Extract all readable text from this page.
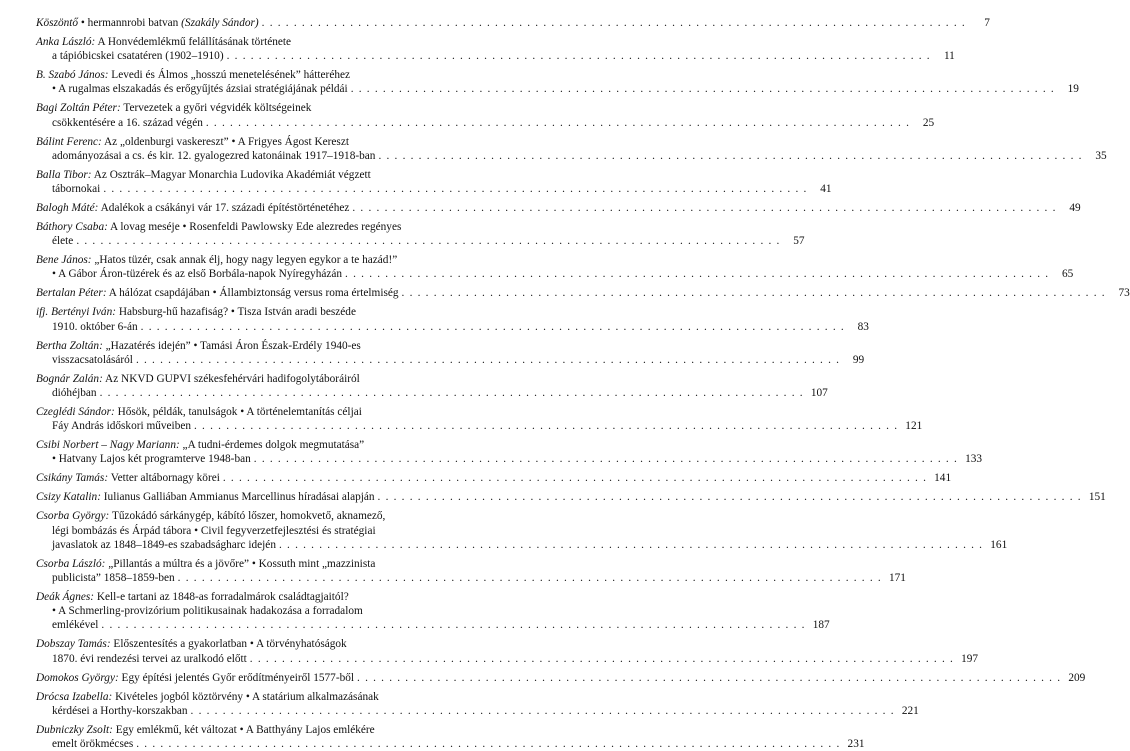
Köszöntő • hermannrobi batvan (Szakály Sándor) . . . . . . . . . . . . . . . . . . . . . . . . . . . . . . . . . . . . . . . . . . . . . . . . . . . . . . . . . . . . . . . . . . . . . . . . . . . . . . . . . . . . . . . .	7
Anka László: A Honvédemlékmű felállításának története
a tápióbicskei csatatéren (1902–1910) . . . . . . . . . . . . . . . . . . . . . . . . . . . . . . . . . . . . . . . . . . . . . . . . . . . . . . . . . . . . . . . . . . . . . . . . . . . . . . . . . . . . . . . .	11
B. Szabó János: Levedi és Álmos „hosszú menetelésének” hátteréhez
• A rugalmas elszakadás és erőgyűjtés ázsiai stratégiájának példái . . . . . . . . . . . . . . . . . . . . . . . . . . . . . . . . . . . . . . . . . . . . . . . . . . . . . . . . . . . . . . . . . . . . . . . . . . . . . . . . . . . . . . . .	19
Bagi Zoltán Péter: Tervezetek a győri végvidék költségeinek
csökkentésére a 16. század végén . . . . . . . . . . . . . . . . . . . . . . . . . . . . . . . . . . . . . . . . . . . . . . . . . . . . . . . . . . . . . . . . . . . . . . . . . . . . . . . . . . . . . . . .	25
Bálint Ferenc: Az „oldenburgi vaskereszt” • A Frigyes Ágost Kereszt
adományozásai a cs. és kir. 12. gyalogezred katonáinak 1917–1918-ban . . . . . . . . . . . . . . . . . . . . . . . . . . . . . . . . . . . . . . . . . . . . . . . . . . . . . . . . . . . . . . . . . . . . . . . . . . . . . . . . . . . . . . . .	35
Balla Tibor: Az Osztrák–Magyar Monarchia Ludovika Akadémiát végzett
tábornokai . . . . . . . . . . . . . . . . . . . . . . . . . . . . . . . . . . . . . . . . . . . . . . . . . . . . . . . . . . . . . . . . . . . . . . . . . . . . . . . . . . . . . . . .	41
Balogh Máté: Adalékok a csákányi vár 17. századi építéstörténetéhez . . . . . . . . . . . . . . . . . . . . . . . . . . . . . . . . . . . . . . . . . . . . . . . . . . . . . . . . . . . . . . . . . . . . . . . . . . . . . . . . . . . . . . . .	49
Báthory Csaba: A lovag meséje • Rosenfeldi Pawlowsky Ede alezredes regényes
élete . . . . . . . . . . . . . . . . . . . . . . . . . . . . . . . . . . . . . . . . . . . . . . . . . . . . . . . . . . . . . . . . . . . . . . . . . . . . . . . . . . . . . . . .	57
Bene János: „Hatos tüzér, csak annak élj, hogy nagy legyen egykor a te hazád!”
• A Gábor Áron-tüzérek és az első Borbála-napok Nyíregyházán . . . . . . . . . . . . . . . . . . . . . . . . . . . . . . . . . . . . . . . . . . . . . . . . . . . . . . . . . . . . . . . . . . . . . . . . . . . . . . . . . . . . . . . .	65
Bertalan Péter: A hálózat csapdájában • Állambiztonság versus roma értelmiség . . . . . . . . . . . . . . . . . . . . . . . . . . . . . . . . . . . . . . . . . . . . . . . . . . . . . . . . . . . . . . . . . . . . . . . . . . . . . . . . . . . . . . . .	73
ifj. Bertényi Iván: Habsburg-hű hazafiság? • Tisza István aradi beszéde
1910. október 6-án . . . . . . . . . . . . . . . . . . . . . . . . . . . . . . . . . . . . . . . . . . . . . . . . . . . . . . . . . . . . . . . . . . . . . . . . . . . . . . . . . . . . . . . .	83
Bertha Zoltán: „Hazatérés idején” • Tamási Áron Észak-Erdély 1940-es
visszacsatolásáról . . . . . . . . . . . . . . . . . . . . . . . . . . . . . . . . . . . . . . . . . . . . . . . . . . . . . . . . . . . . . . . . . . . . . . . . . . . . . . . . . . . . . . . .	99
Bognár Zalán: Az NKVD GUPVI székesfehérvári hadifogolytáboráiról
dióhéjban . . . . . . . . . . . . . . . . . . . . . . . . . . . . . . . . . . . . . . . . . . . . . . . . . . . . . . . . . . . . . . . . . . . . . . . . . . . . . . . . . . . . . . . . 107
Czeglédi Sándor: Hősök, példák, tanulságok • A történelemtanítás céljai
Fáy András időskori műveiben . . . . . . . . . . . . . . . . . . . . . . . . . . . . . . . . . . . . . . . . . . . . . . . . . . . . . . . . . . . . . . . . . . . . . . . . . . . . . . . . . . . . . . . . 121
Csibi Norbert – Nagy Mariann: „A tudni-érdemes dolgok megmutatása”
• Hatvany Lajos két programterve 1948-ban . . . . . . . . . . . . . . . . . . . . . . . . . . . . . . . . . . . . . . . . . . . . . . . . . . . . . . . . . . . . . . . . . . . . . . . . . . . . . . . . . . . . . . . . 133
Csikány Tamás: Vetter altábornagy körei . . . . . . . . . . . . . . . . . . . . . . . . . . . . . . . . . . . . . . . . . . . . . . . . . . . . . . . . . . . . . . . . . . . . . . . . . . . . . . . . . . . . . . . . 141
Csizy Katalin: Iulianus Galliában Ammianus Marcellinus híradásai alapján . . . . . . . . . . . . . . . . . . . . . . . . . . . . . . . . . . . . . . . . . . . . . . . . . . . . . . . . . . . . . . . . . . . . . . . . . . . . . . . . . . . . . . . . 151
Csorba György: Tűzokádó sárkánygép, kábító lőszer, homokvető, aknamező,
légi bombázás és Árpád tábora • Civil fegyverzetfejlesztési és stratégiai
javaslatok az 1848–1849-es szabadságharc idején . . . . . . . . . . . . . . . . . . . . . . . . . . . . . . . . . . . . . . . . . . . . . . . . . . . . . . . . . . . . . . . . . . . . . . . . . . . . . . . . . . . . . . . . 161
Csorba László: „Pillantás a múltra és a jövőre” • Kossuth mint „mazzinista
publicista” 1858–1859-ben . . . . . . . . . . . . . . . . . . . . . . . . . . . . . . . . . . . . . . . . . . . . . . . . . . . . . . . . . . . . . . . . . . . . . . . . . . . . . . . . . . . . . . . . 171
Deák Ágnes: Kell-e tartani az 1848-as forradalmárok családtagjaitól?
• A Schmerling-provizórium politikusainak hadakozása a forradalom
emlékével . . . . . . . . . . . . . . . . . . . . . . . . . . . . . . . . . . . . . . . . . . . . . . . . . . . . . . . . . . . . . . . . . . . . . . . . . . . . . . . . . . . . . . . . 187
Dobszay Tamás: Előszentesítés a gyakorlatban • A törvényhatóságok
1870. évi rendezési tervei az uralkodó előtt . . . . . . . . . . . . . . . . . . . . . . . . . . . . . . . . . . . . . . . . . . . . . . . . . . . . . . . . . . . . . . . . . . . . . . . . . . . . . . . . . . . . . . . . 197
Domokos György: Egy építési jelentés Győr erődítményeiről 1577-ből . . . . . . . . . . . . . . . . . . . . . . . . . . . . . . . . . . . . . . . . . . . . . . . . . . . . . . . . . . . . . . . . . . . . . . . . . . . . . . . . . . . . . . . . 209
Drócsa Izabella: Kivételes jogból köztörvény • A statárium alkalmazásának
kérdései a Horthy-korszakban . . . . . . . . . . . . . . . . . . . . . . . . . . . . . . . . . . . . . . . . . . . . . . . . . . . . . . . . . . . . . . . . . . . . . . . . . . . . . . . . . . . . . . . . 221
Dubniczky Zsolt: Egy emlékmű, két változat • A Batthyány Lajos emlékére
emelt örökmécses . . . . . . . . . . . . . . . . . . . . . . . . . . . . . . . . . . . . . . . . . . . . . . . . . . . . . . . . . . . . . . . . . . . . . . . . . . . . . . . . . . . . . . . . 231
